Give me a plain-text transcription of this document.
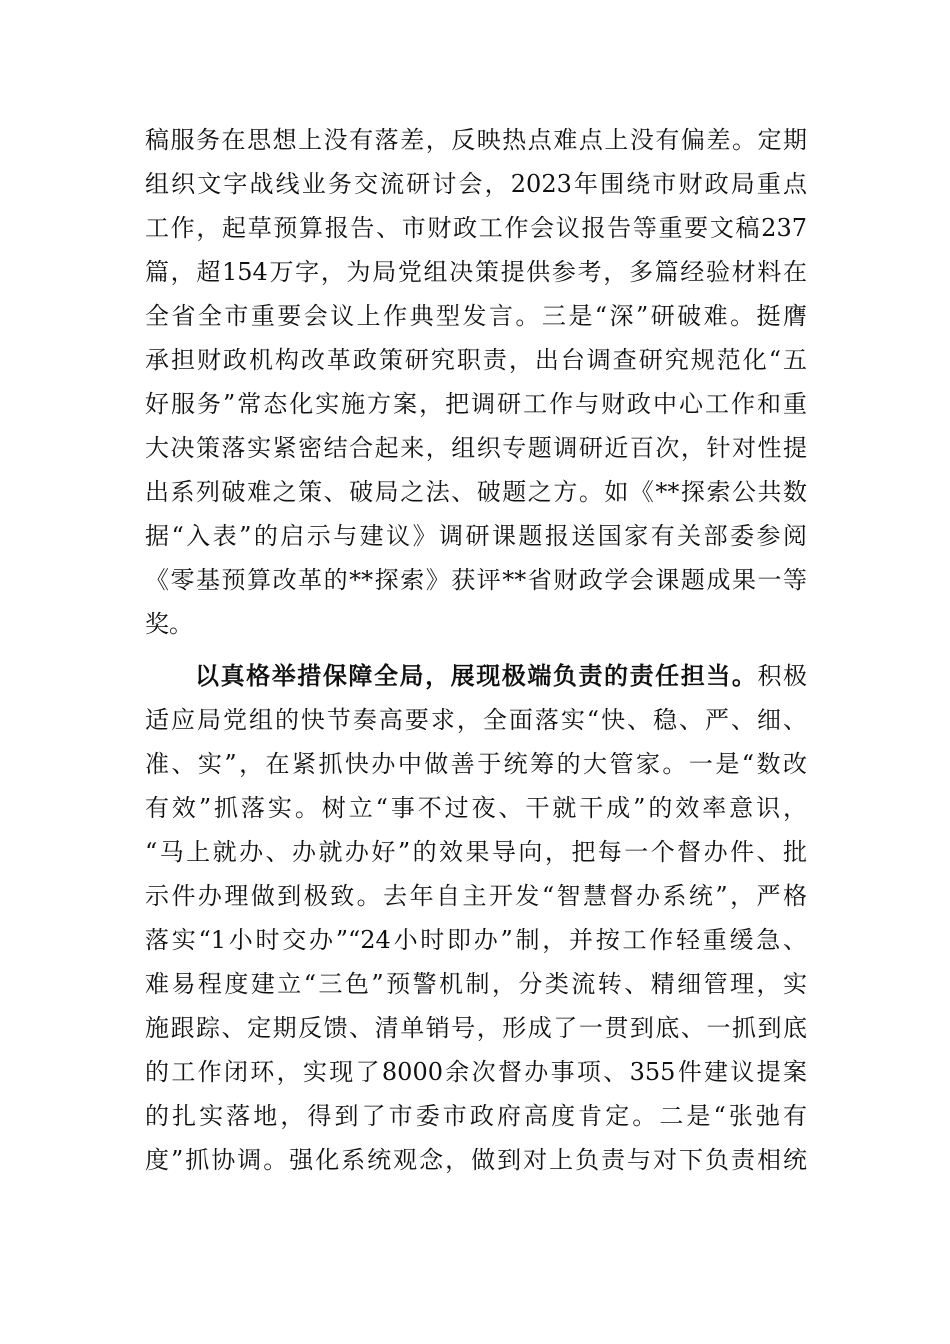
稿服务在思想上没有落差，反映热点难点上没有偏差。定期
组织文字战线业务交流研讨会，2023年围绕市财政局重点
工作，起草预算报告、市财政工作会议报告等重要文稿237
篇，超154万字，为局党组决策提供参考，多篇经验材料在
全省全市重要会议上作典型发言。三是“深”研破难。挺膺
承担财政机构改革政策研究职责，出台调查研究规范化“五
好服务”常态化实施方案，把调研工作与财政中心工作和重
大决策落实紧密结合起来，组织专题调研近百次，针对性提
出系列破难之策、破局之法、破题之方。如《**探索公共数
据“入表”的启示与建议》调研课题报送国家有关部委参阅
《零基预算改革的**探索》获评**省财政学会课题成果一等
奖。
以真格举措保障全局，展现极端负责的责任担当。积极
适应局党组的快节奏高要求，全面落实“快、稳、严、细、
准、实”，在紧抓快办中做善于统筹的大管家。一是“数改
有效”抓落实。树立“事不过夜、干就干成”的效率意识，
“马上就办、办就办好”的效果导向，把每一个督办件、批
示件办理做到极致。去年自主开发“智慧督办系统”，严格
落实“1小时交办”“24小时即办”制，并按工作轻重缓急、
难易程度建立“三色”预警机制，分类流转、精细管理，实
施跟踪、定期反馈、清单销号，形成了一贯到底、一抓到底
的工作闭环，实现了8000余次督办事项、355件建议提案
的扎实落地，得到了市委市政府高度肯定。二是“张弛有
度”抓协调。强化系统观念，做到对上负责与对下负责相统
